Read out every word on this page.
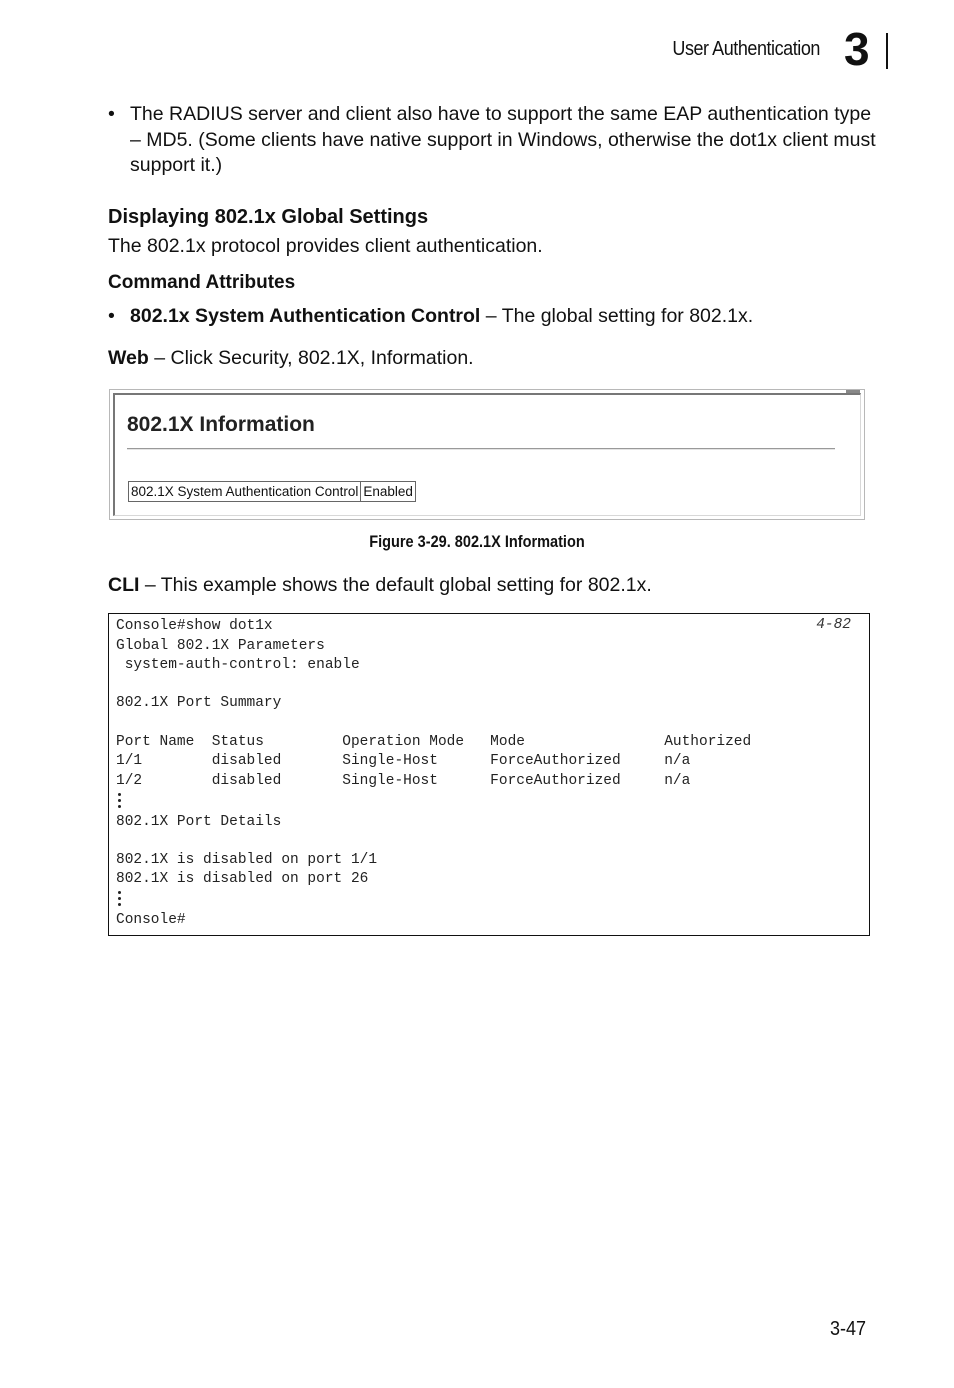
User Authentication 3
• The RADIUS server and client also have to support the same EAP authentication type – MD5. (Some clients have native support in Windows, otherwise the dot1x client must support it.)
Displaying 802.1x Global Settings
The 802.1x protocol provides client authentication.
Command Attributes
• 802.1x System Authentication Control – The global setting for 802.1x.
Web – Click Security, 802.1X, Information.
802.1X Information
802.1X System Authentication Control	Enabled
Figure 3-29. 802.1X Information
CLI – This example shows the default global setting for 802.1x.
Console#show dot1x	4-82
Global 802.1X Parameters
system-auth-control: enable
802.1X Port Summary
Port Name  Status         Operation Mode   Mode                Authorized
1/1        disabled       Single-Host      ForceAuthorized     n/a
1/2        disabled       Single-Host      ForceAuthorized     n/a
802.1X Port Details
802.1X is disabled on port 1/1
802.1X is disabled on port 26
Console#
3-47
